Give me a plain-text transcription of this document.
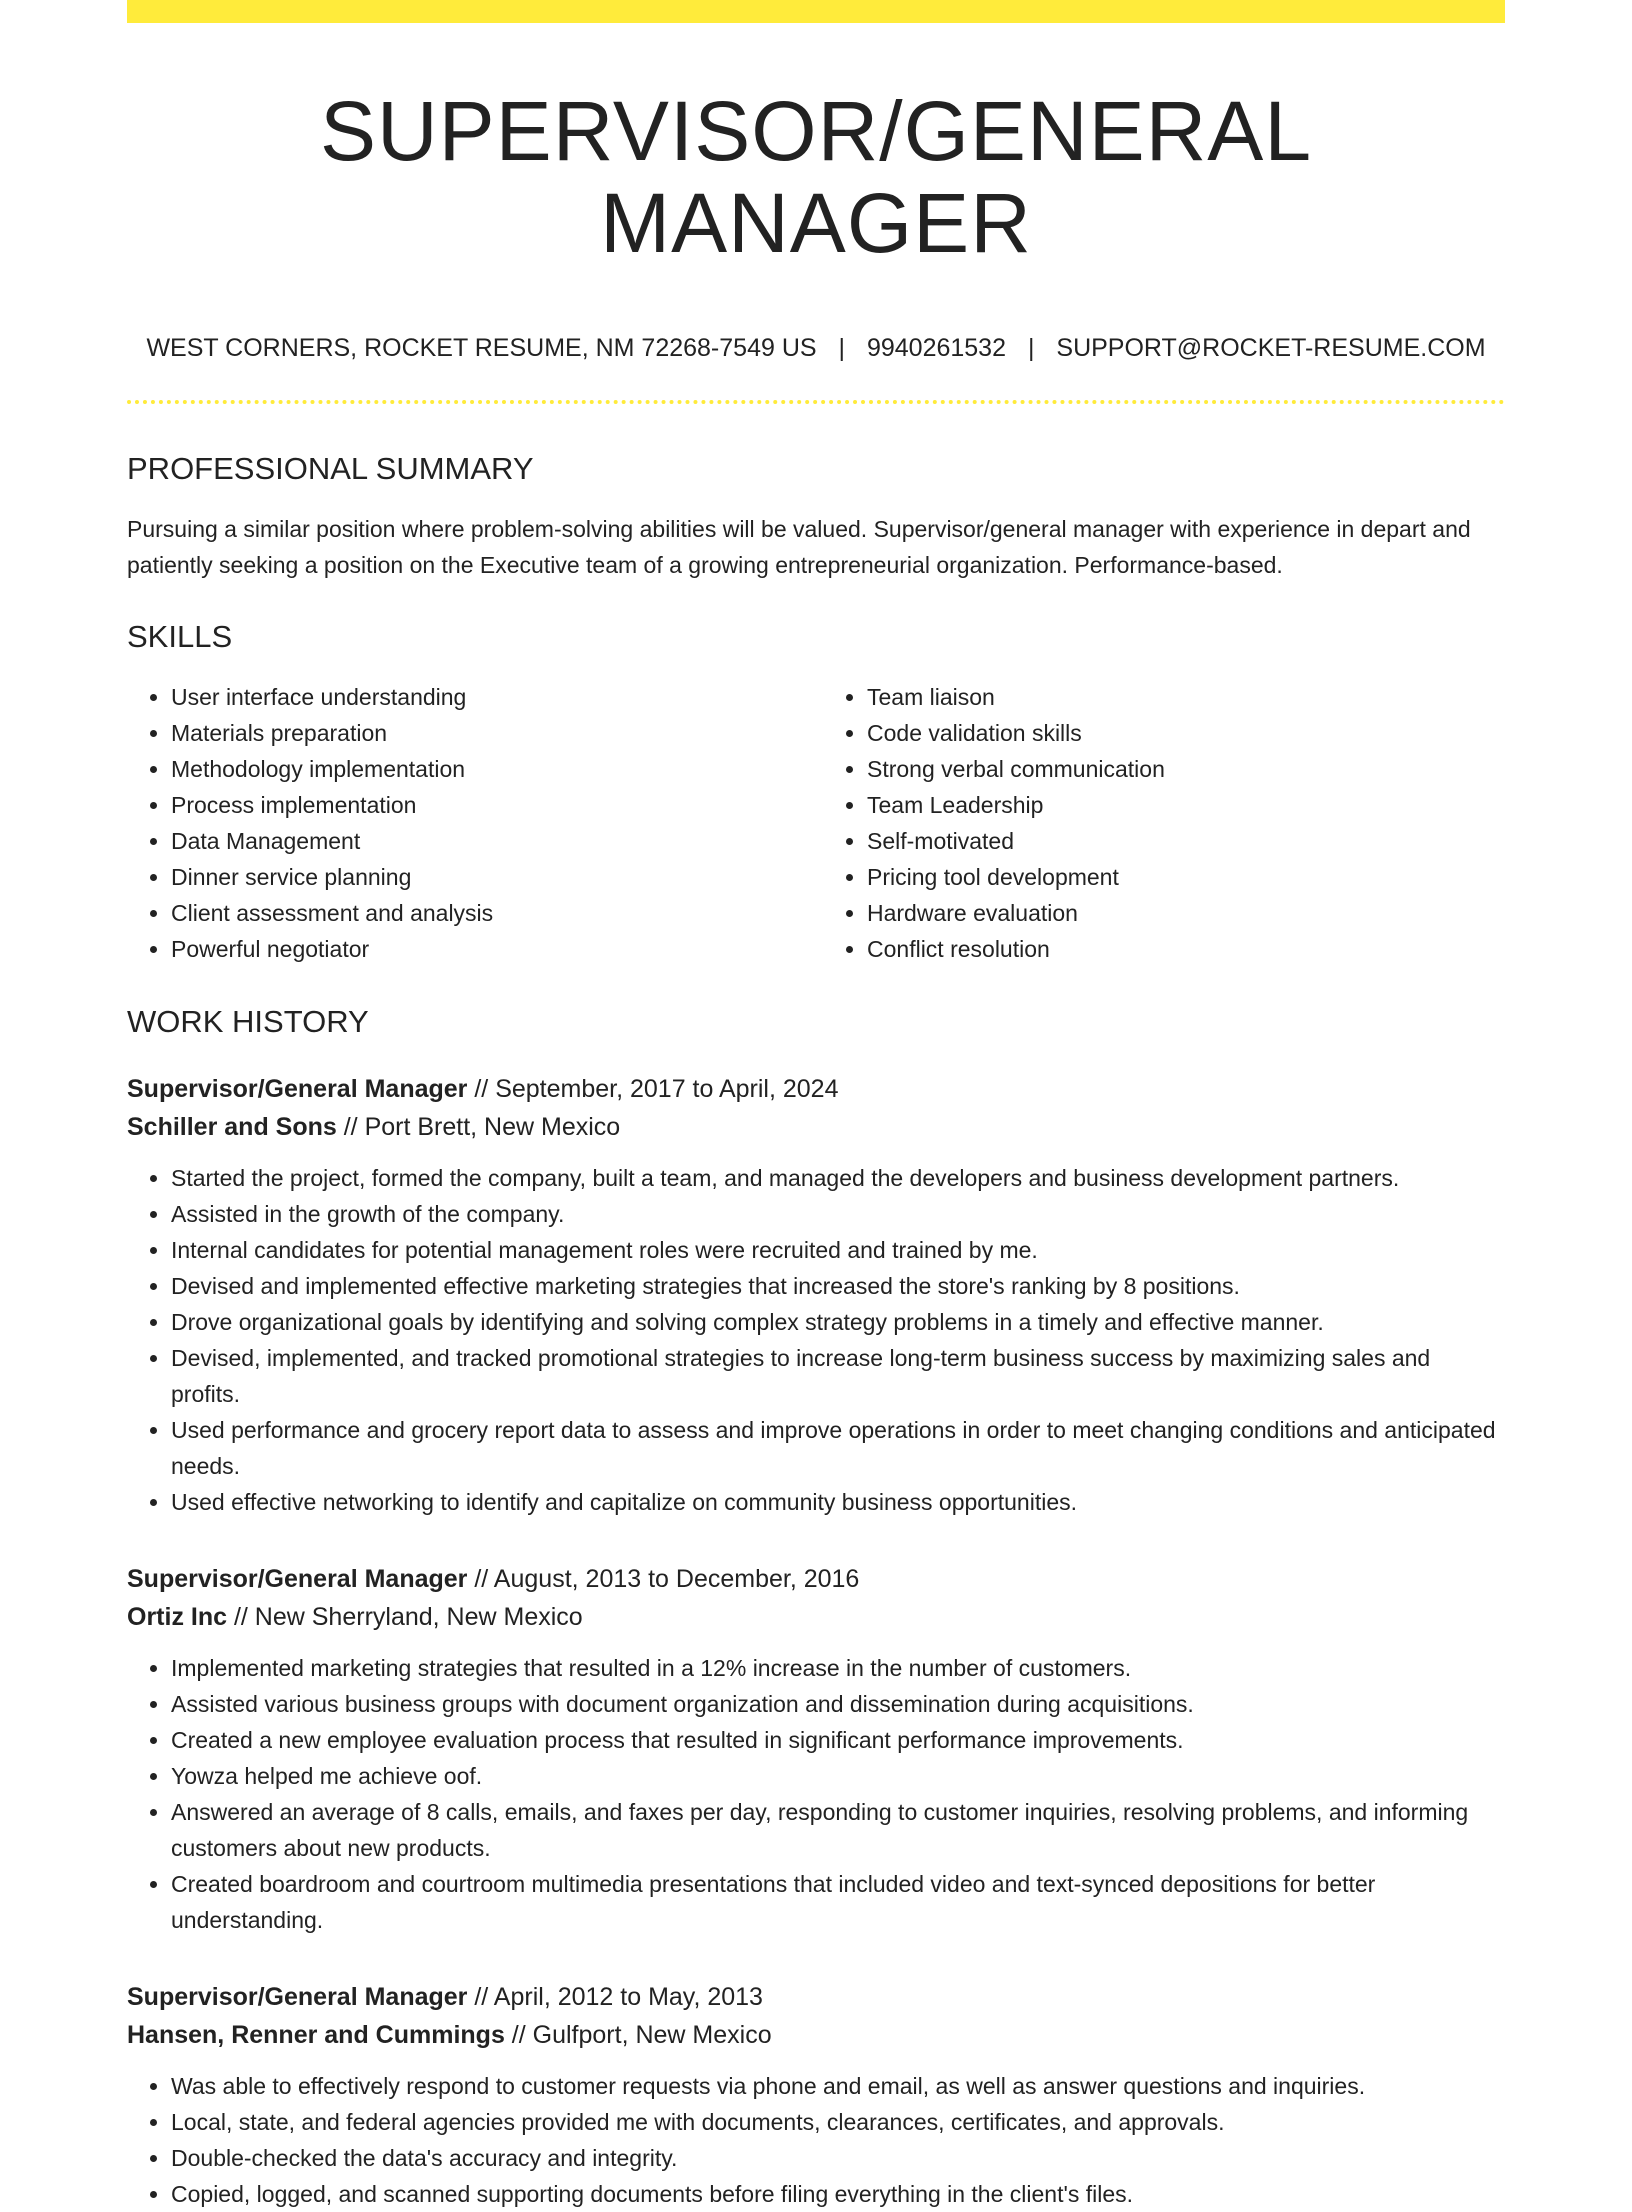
SUPERVISOR/GENERAL MANAGER
WEST CORNERS, ROCKET RESUME, NM 72268-7549 US | 9940261532 | SUPPORT@ROCKET-RESUME.COM
PROFESSIONAL SUMMARY

Pursuing a similar position where problem-solving abilities will be valued. Supervisor/general manager with experience in depart and patiently seeking a position on the Executive team of a growing entrepreneurial organization. Performance-based.

SKILLS
• User interface understanding
• Materials preparation
• Methodology implementation
• Process implementation
• Data Management
• Dinner service planning
• Client assessment and analysis
• Powerful negotiator
• Team liaison
• Code validation skills
• Strong verbal communication
• Team Leadership
• Self-motivated
• Pricing tool development
• Hardware evaluation
• Conflict resolution
WORK HISTORY
Supervisor/General Manager // September, 2017 to April, 2024
Schiller and Sons // Port Brett, New Mexico
• Started the project, formed the company, built a team, and managed the developers and business development partners.
• Assisted in the growth of the company.
• Internal candidates for potential management roles were recruited and trained by me.
• Devised and implemented effective marketing strategies that increased the store's ranking by 8 positions.
• Drove organizational goals by identifying and solving complex strategy problems in a timely and effective manner.
• Devised, implemented, and tracked promotional strategies to increase long-term business success by maximizing sales and profits.
• Used performance and grocery report data to assess and improve operations in order to meet changing conditions and anticipated needs.
• Used effective networking to identify and capitalize on community business opportunities.
Supervisor/General Manager // August, 2013 to December, 2016
Ortiz Inc // New Sherryland, New Mexico
• Implemented marketing strategies that resulted in a 12% increase in the number of customers.
• Assisted various business groups with document organization and dissemination during acquisitions.
• Created a new employee evaluation process that resulted in significant performance improvements.
• Yowza helped me achieve oof.
• Answered an average of 8 calls, emails, and faxes per day, responding to customer inquiries, resolving problems, and informing customers about new products.
• Created boardroom and courtroom multimedia presentations that included video and text-synced depositions for better understanding.
Supervisor/General Manager // April, 2012 to May, 2013
Hansen, Renner and Cummings // Gulfport, New Mexico
• Was able to effectively respond to customer requests via phone and email, as well as answer questions and inquiries.
• Local, state, and federal agencies provided me with documents, clearances, certificates, and approvals.
• Double-checked the data's accuracy and integrity.
• Copied, logged, and scanned supporting documents before filing everything in the client's files.
